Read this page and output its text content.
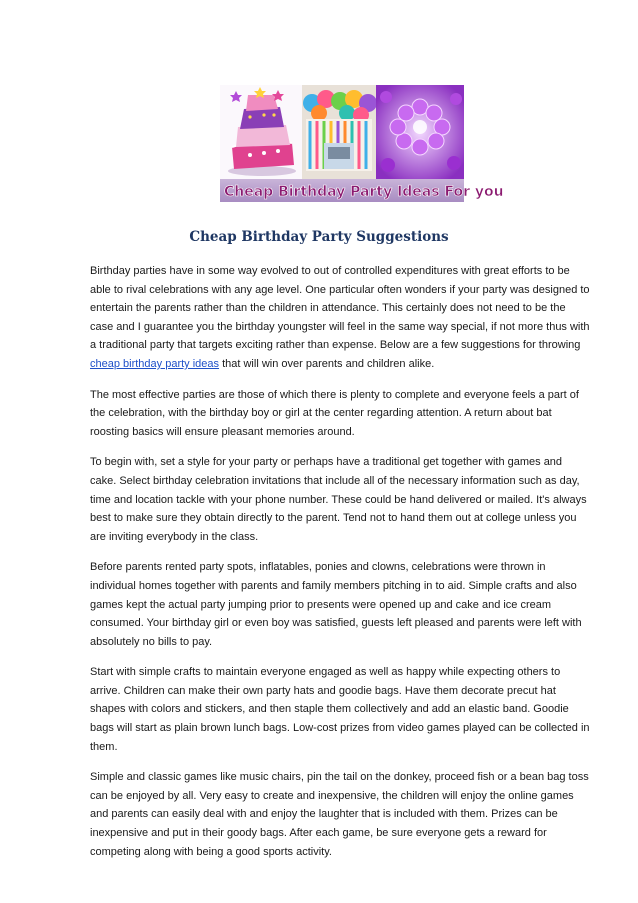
Cheap Birthday Party Ideas For you
Cheap Birthday Party Suggestions

Birthday parties have in some way evolved to out of controlled expenditures with great efforts to be able to rival celebrations with any age level. One particular often wonders if your party was designed to entertain the parents rather than the children in attendance. This certainly does not need to be the case and I guarantee you the birthday youngster will feel in the same way special, if not more thus with a traditional party that targets exciting rather than expense. Below are a few suggestions for throwing cheap birthday party ideas that will win over parents and children alike.

The most effective parties are those of which there is plenty to complete and everyone feels a part of the celebration, with the birthday boy or girl at the center regarding attention. A return about bat roosting basics will ensure pleasant memories around.

To begin with, set a style for your party or perhaps have a traditional get together with games and cake. Select birthday celebration invitations that include all of the necessary information such as day, time and location tackle with your phone number. These could be hand delivered or mailed. It's always best to make sure they obtain directly to the parent. Tend not to hand them out at college unless you are inviting everybody in the class.

Before parents rented party spots, inflatables, ponies and clowns, celebrations were thrown in individual homes together with parents and family members pitching in to aid. Simple crafts and also games kept the actual party jumping prior to presents were opened up and cake and ice cream consumed. Your birthday girl or even boy was satisfied, guests left pleased and parents were left with absolutely no bills to pay.

Start with simple crafts to maintain everyone engaged as well as happy while expecting others to arrive. Children can make their own party hats and goodie bags. Have them decorate precut hat shapes with colors and stickers, and then staple them collectively and add an elastic band. Goodie bags will start as plain brown lunch bags. Low-cost prizes from video games played can be collected in them.

Simple and classic games like music chairs, pin the tail on the donkey, proceed fish or a bean bag toss can be enjoyed by all. Very easy to create and inexpensive, the children will enjoy the online games and parents can easily deal with and enjoy the laughter that is included with them. Prizes can be inexpensive and put in their goody bags. After each game, be sure everyone gets a reward for competing along with being a good sports activity.
